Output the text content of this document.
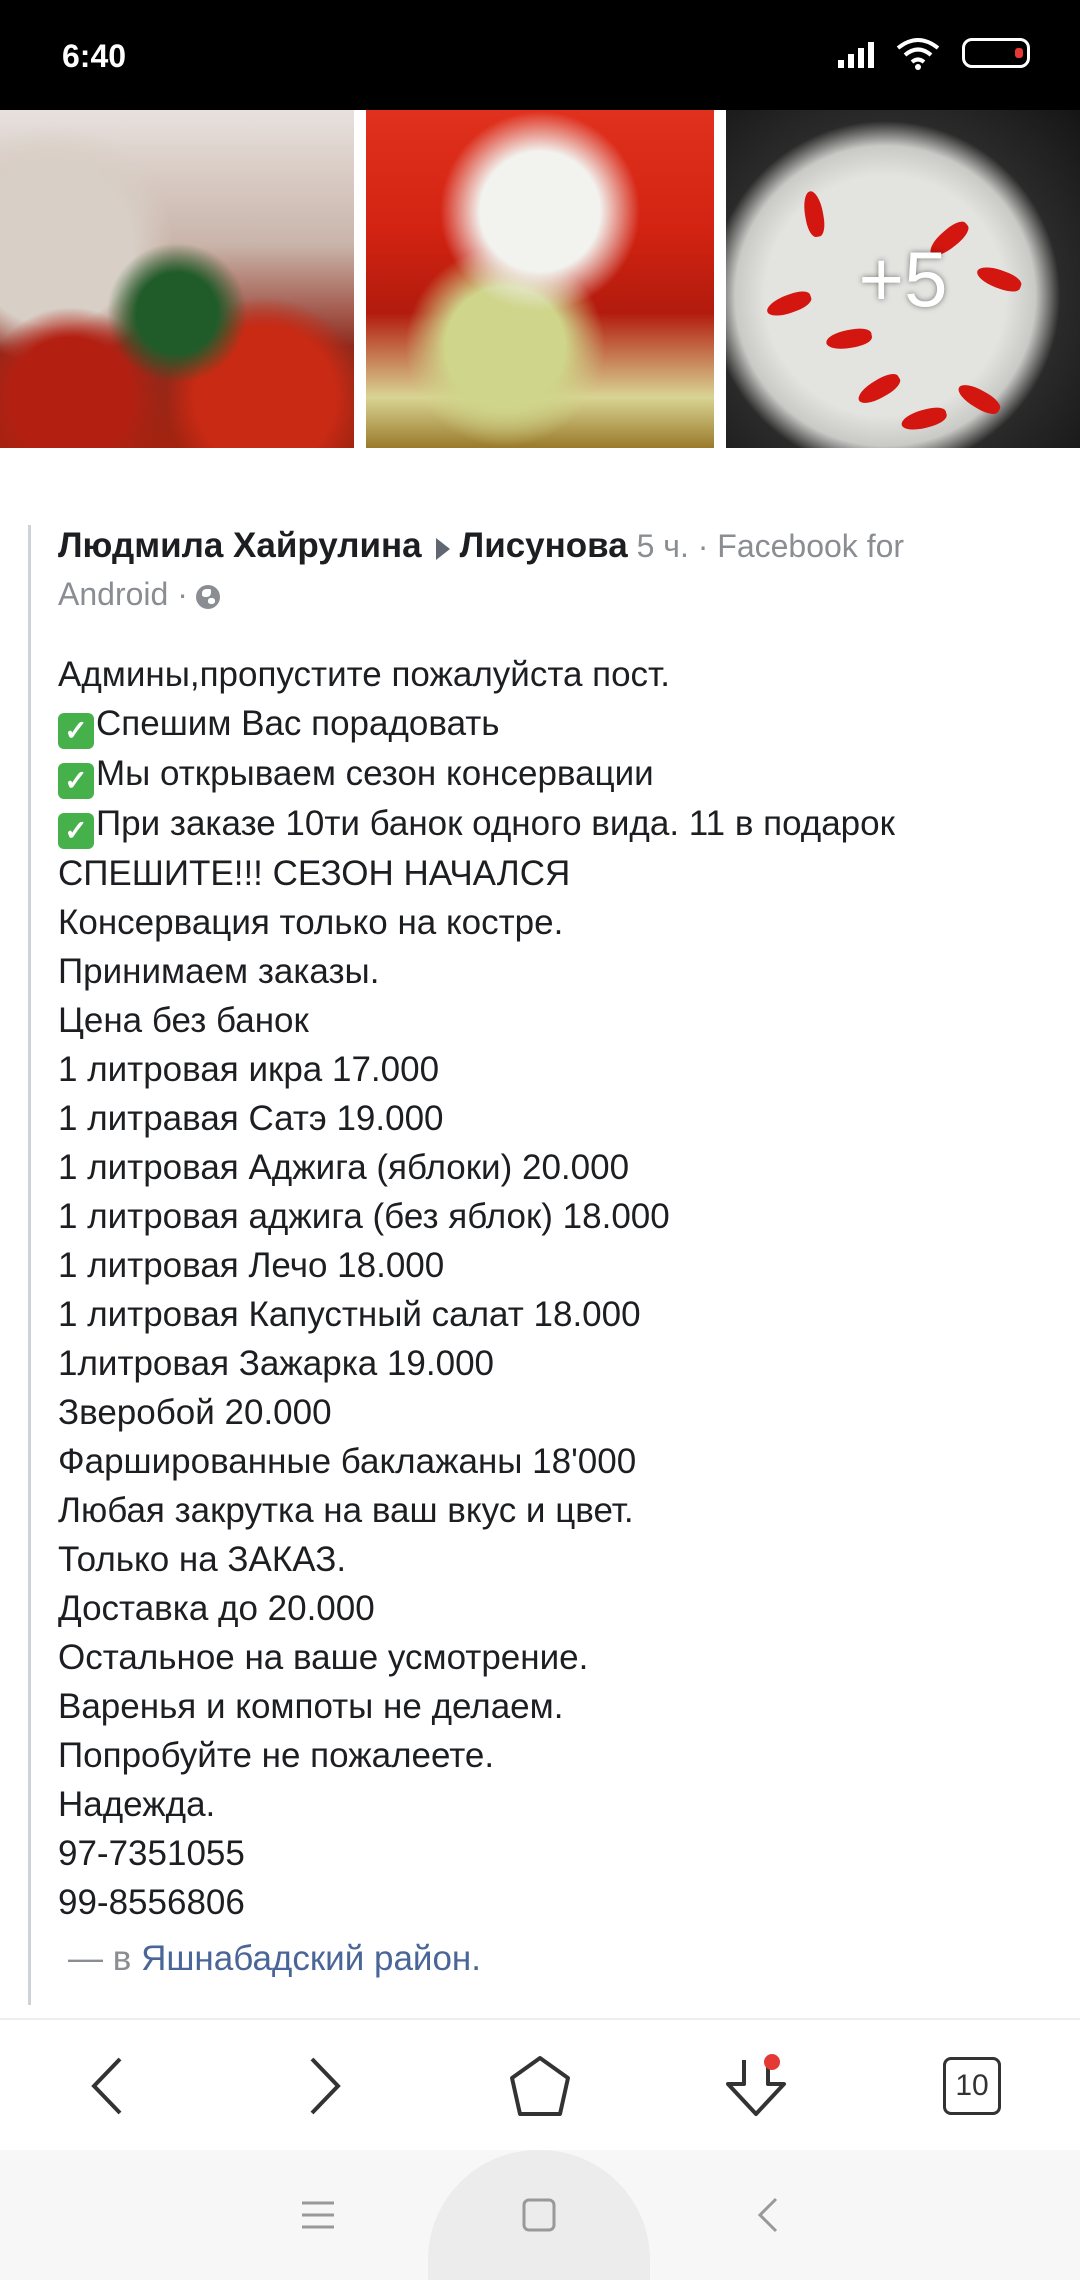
6:40
+5
Людмила Хайрулина Лисунова 5 ч. · Facebook for
Android ·
Админы,пропустите пожалуйста пост.
✓ Спешим Вас порадовать
✓ Мы открываем сезон консервации
✓ При заказе 10ти банок одного вида. 11 в подарок
СПЕШИТЕ!!! СЕЗОН НАЧАЛСЯ
Консервация только на костре.
Принимаем заказы.
Цена без банок
1 литровая икра 17.000
1 литравая Сатэ 19.000
1 литровая Аджига (яблоки) 20.000
1 литровая аджига (без яблок) 18.000
1 литровая Лечо 18.000
1 литровая Капустный салат 18.000
1литровая Зажарка 19.000
Зверобой 20.000
Фаршированные баклажаны 18'000
Любая закрутка на ваш вкус и цвет.
Только на ЗАКАЗ.
Доставка до 20.000
Остальное на ваше усмотрение.
Варенья и компоты не делаем.
Попробуйте не пожалеете.
Надежда.
97-7351055
99-8556806
— в Яшнабадский район.
10
